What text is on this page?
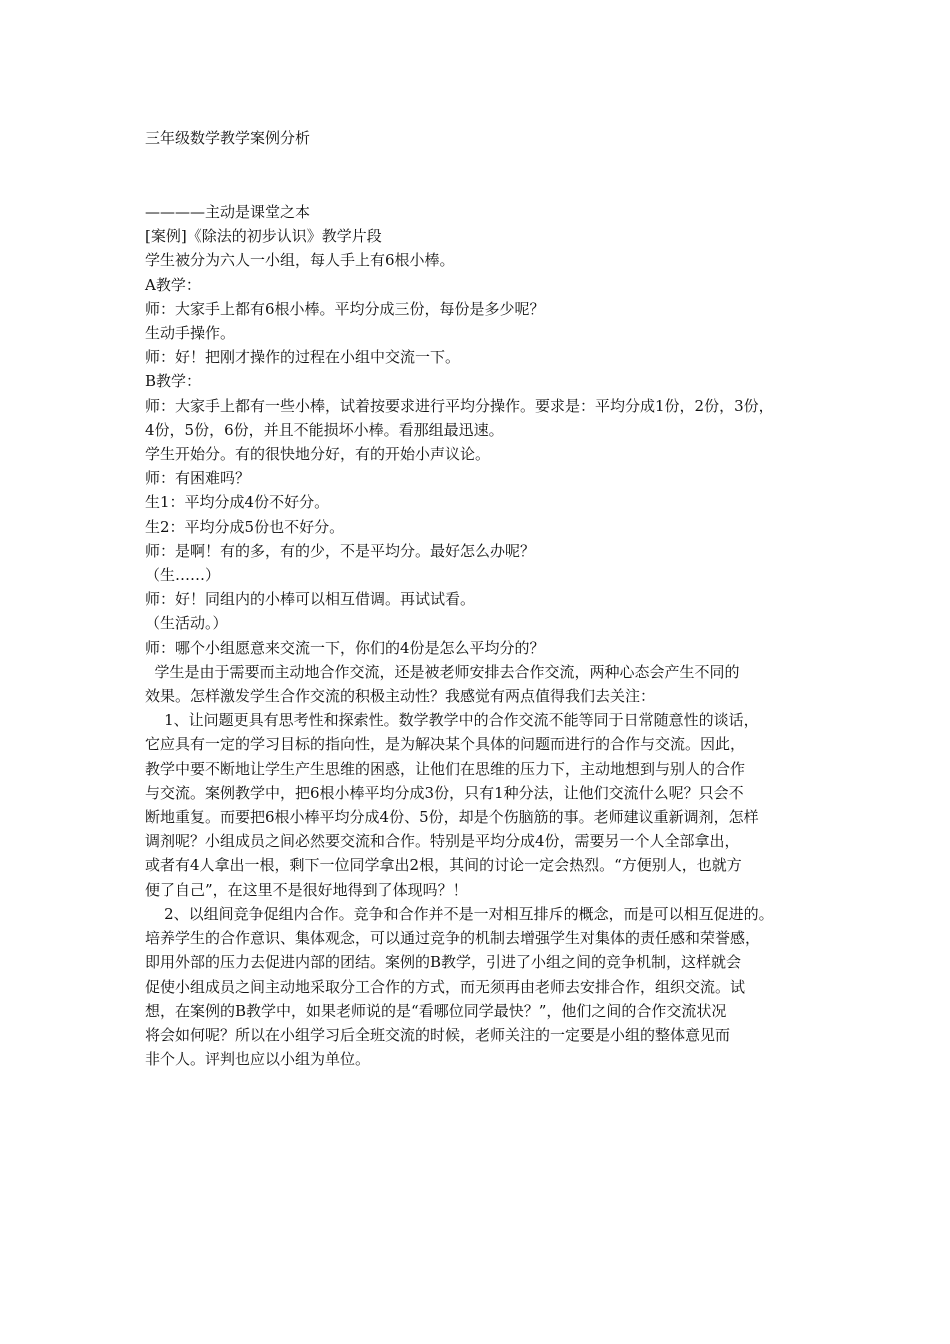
三年级数学教学案例分析
————主动是课堂之本
[案例]《除法的初步认识》教学片段
学生被分为六人一小组，每人手上有6根小棒。
A教学：
师：大家手上都有6根小棒。平均分成三份，每份是多少呢？
生动手操作。
师：好！把刚才操作的过程在小组中交流一下。
B教学：
师：大家手上都有一些小棒，试着按要求进行平均分操作。要求是：平均分成1份，2份，3份，
4份，5份，6份，并且不能损坏小棒。看那组最迅速。
学生开始分。有的很快地分好，有的开始小声议论。
师：有困难吗？
生1：平均分成4份不好分。
生2：平均分成5份也不好分。
师：是啊！有的多，有的少，不是平均分。最好怎么办呢？
（生……）
师：好！同组内的小棒可以相互借调。再试试看。
（生活动。）
师：哪个小组愿意来交流一下，你们的4份是怎么平均分的？
学生是由于需要而主动地合作交流，还是被老师安排去合作交流，两种心态会产生不同的
效果。怎样激发学生合作交流的积极主动性？我感觉有两点值得我们去关注：
1、让问题更具有思考性和探索性。数学教学中的合作交流不能等同于日常随意性的谈话，
它应具有一定的学习目标的指向性，是为解决某个具体的问题而进行的合作与交流。因此，
教学中要不断地让学生产生思维的困惑，让他们在思维的压力下，主动地想到与别人的合作
与交流。案例教学中，把6根小棒平均分成3份，只有1种分法，让他们交流什么呢？只会不
断地重复。而要把6根小棒平均分成4份、5份，却是个伤脑筋的事。老师建议重新调剂，怎样
调剂呢？小组成员之间必然要交流和合作。特别是平均分成4份，需要另一个人全部拿出，
或者有4人拿出一根，剩下一位同学拿出2根，其间的讨论一定会热烈。“方便别人，也就方
便了自己”，在这里不是很好地得到了体现吗？！
2、以组间竞争促组内合作。竞争和合作并不是一对相互排斥的概念，而是可以相互促进的。
培养学生的合作意识、集体观念，可以通过竞争的机制去增强学生对集体的责任感和荣誉感，
即用外部的压力去促进内部的团结。案例的B教学，引进了小组之间的竞争机制，这样就会
促使小组成员之间主动地采取分工合作的方式，而无须再由老师去安排合作，组织交流。试
想，在案例的B教学中，如果老师说的是“看哪位同学最快？”，他们之间的合作交流状况
将会如何呢？所以在小组学习后全班交流的时候，老师关注的一定要是小组的整体意见而
非个人。评判也应以小组为单位。
